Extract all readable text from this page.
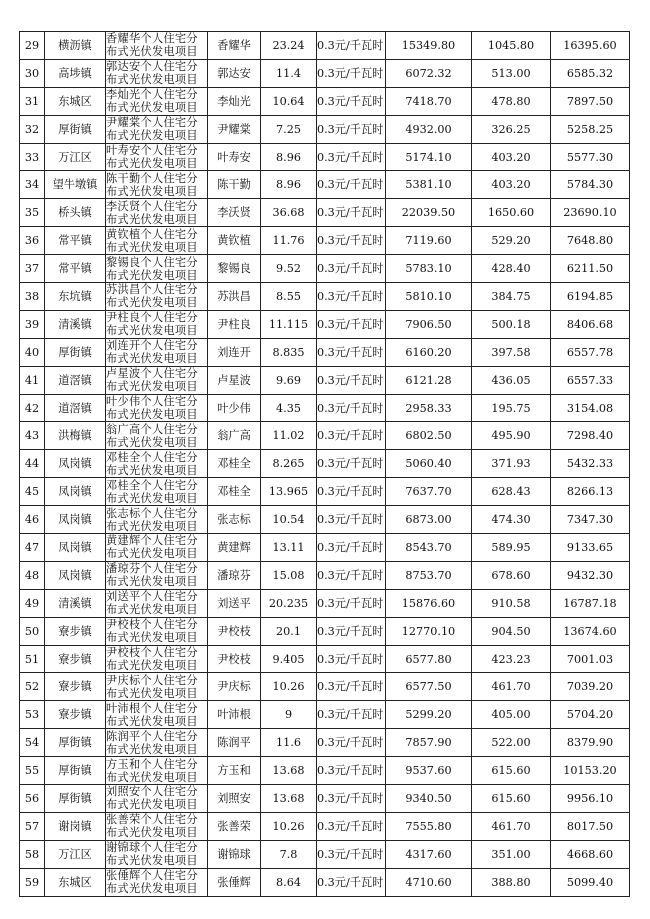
29	横沥镇	香耀华个人住宅分布式光伏发电项目	香耀华	23.24	0.3元/千瓦时	15349.80	1045.80	16395.60
30	高埗镇	郭达安个人住宅分布式光伏发电项目	郭达安	11.4	0.3元/千瓦时	6072.32	513.00	6585.32
31	东城区	李灿光个人住宅分布式光伏发电项目	李灿光	10.64	0.3元/千瓦时	7418.70	478.80	7897.50
32	厚街镇	尹耀棠个人住宅分布式光伏发电项目	尹耀棠	7.25	0.3元/千瓦时	4932.00	326.25	5258.25
33	万江区	叶寿安个人住宅分布式光伏发电项目	叶寿安	8.96	0.3元/千瓦时	5174.10	403.20	5577.30
34	望牛墩镇	陈干勤个人住宅分布式光伏发电项目	陈干勤	8.96	0.3元/千瓦时	5381.10	403.20	5784.30
35	桥头镇	李沃贤个人住宅分布式光伏发电项目	李沃贤	36.68	0.3元/千瓦时	22039.50	1650.60	23690.10
36	常平镇	黄钦植个人住宅分布式光伏发电项目	黄钦植	11.76	0.3元/千瓦时	7119.60	529.20	7648.80
37	常平镇	黎锡良个人住宅分布式光伏发电项目	黎锡良	9.52	0.3元/千瓦时	5783.10	428.40	6211.50
38	东坑镇	苏洪昌个人住宅分布式光伏发电项目	苏洪昌	8.55	0.3元/千瓦时	5810.10	384.75	6194.85
39	清溪镇	尹柱良个人住宅分布式光伏发电项目	尹柱良	11.115	0.3元/千瓦时	7906.50	500.18	8406.68
40	厚街镇	刘连开个人住宅分布式光伏发电项目	刘连开	8.835	0.3元/千瓦时	6160.20	397.58	6557.78
41	道滘镇	卢星波个人住宅分布式光伏发电项目	卢星波	9.69	0.3元/千瓦时	6121.28	436.05	6557.33
42	道滘镇	叶少伟个人住宅分布式光伏发电项目	叶少伟	4.35	0.3元/千瓦时	2958.33	195.75	3154.08
43	洪梅镇	翁广高个人住宅分布式光伏发电项目	翁广高	11.02	0.3元/千瓦时	6802.50	495.90	7298.40
44	凤岗镇	邓桂全个人住宅分布式光伏发电项目	邓桂全	8.265	0.3元/千瓦时	5060.40	371.93	5432.33
45	凤岗镇	邓桂全个人住宅分布式光伏发电项目	邓桂全	13.965	0.3元/千瓦时	7637.70	628.43	8266.13
46	凤岗镇	张志标个人住宅分布式光伏发电项目	张志标	10.54	0.3元/千瓦时	6873.00	474.30	7347.30
47	凤岗镇	黄建辉个人住宅分布式光伏发电项目	黄建辉	13.11	0.3元/千瓦时	8543.70	589.95	9133.65
48	凤岗镇	潘琼芬个人住宅分布式光伏发电项目	潘琼芬	15.08	0.3元/千瓦时	8753.70	678.60	9432.30
49	清溪镇	刘送平个人住宅分布式光伏发电项目	刘送平	20.235	0.3元/千瓦时	15876.60	910.58	16787.18
50	寮步镇	尹校枝个人住宅分布式光伏发电项目	尹校枝	20.1	0.3元/千瓦时	12770.10	904.50	13674.60
51	寮步镇	尹校枝个人住宅分布式光伏发电项目	尹校枝	9.405	0.3元/千瓦时	6577.80	423.23	7001.03
52	寮步镇	尹庆标个人住宅分布式光伏发电项目	尹庆标	10.26	0.3元/千瓦时	6577.50	461.70	7039.20
53	寮步镇	叶沛根个人住宅分布式光伏发电项目	叶沛根	9	0.3元/千瓦时	5299.20	405.00	5704.20
54	厚街镇	陈润平个人住宅分布式光伏发电项目	陈润平	11.6	0.3元/千瓦时	7857.90	522.00	8379.90
55	厚街镇	方玉和个人住宅分布式光伏发电项目	方玉和	13.68	0.3元/千瓦时	9537.60	615.60	10153.20
56	厚街镇	刘照安个人住宅分布式光伏发电项目	刘照安	13.68	0.3元/千瓦时	9340.50	615.60	9956.10
57	谢岗镇	张善荣个人住宅分布式光伏发电项目	张善荣	10.26	0.3元/千瓦时	7555.80	461.70	8017.50
58	万江区	谢锦球个人住宅分布式光伏发电项目	谢锦球	7.8	0.3元/千瓦时	4317.60	351.00	4668.60
59	东城区	张倕辉个人住宅分布式光伏发电项目	张倕辉	8.64	0.3元/千瓦时	4710.60	388.80	5099.40
